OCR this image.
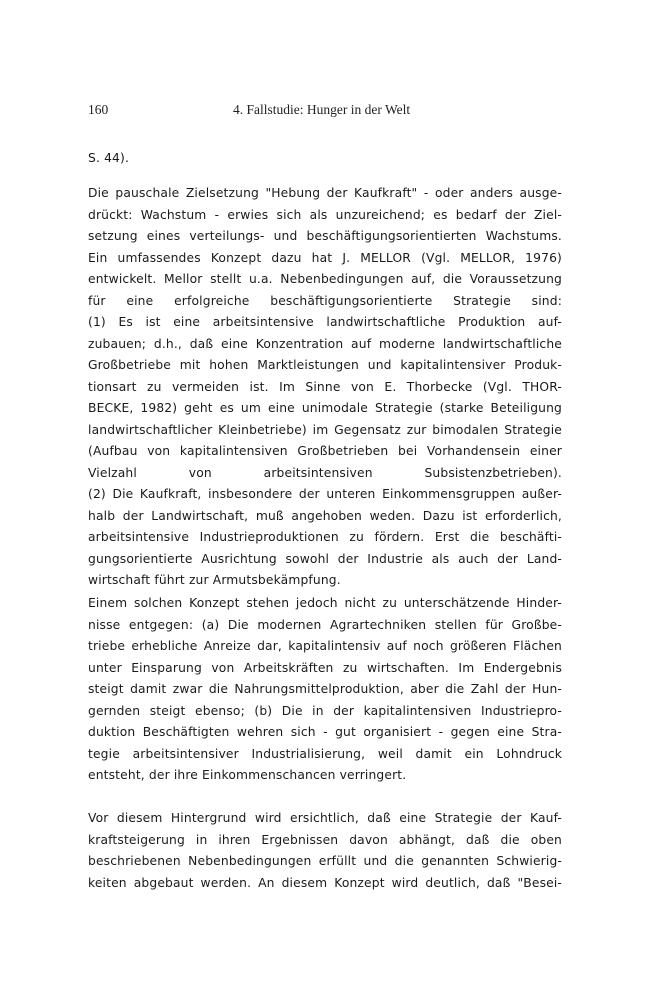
160	4. Fallstudie: Hunger in der Welt
S. 44).
Die pauschale Zielsetzung "Hebung der Kaufkraft" - oder anders ausge-
drückt: Wachstum - erwies sich als unzureichend; es bedarf der Ziel-
setzung eines verteilungs- und beschäftigungsorientierten Wachstums.
Ein umfassendes Konzept dazu hat J. MELLOR (Vgl. MELLOR, 1976)
entwickelt. Mellor stellt u.a. Nebenbedingungen auf, die Voraussetzung
für eine erfolgreiche beschäftigungsorientierte Strategie sind:
(1) Es ist eine arbeitsintensive landwirtschaftliche Produktion auf-
zubauen; d.h., daß eine Konzentration auf moderne landwirtschaftliche
Großbetriebe mit hohen Marktleistungen und kapitalintensiver Produk-
tionsart zu vermeiden ist. Im Sinne von E. Thorbecke (Vgl. THOR-
BECKE, 1982) geht es um eine unimodale Strategie (starke Beteiligung
landwirtschaftlicher Kleinbetriebe) im Gegensatz zur bimodalen Strategie
(Aufbau von kapitalintensiven Großbetrieben bei Vorhandensein einer
Vielzahl von arbeitsintensiven Subsistenzbetrieben).
(2) Die Kaufkraft, insbesondere der unteren Einkommensgruppen außer-
halb der Landwirtschaft, muß angehoben weden. Dazu ist erforderlich,
arbeitsintensive Industrieproduktionen zu fördern. Erst die beschäfti-
gungsorientierte Ausrichtung sowohl der Industrie als auch der Land-
wirtschaft führt zur Armutsbekämpfung.
Einem solchen Konzept stehen jedoch nicht zu unterschätzende Hinder-
nisse entgegen: (a) Die modernen Agrartechniken stellen für Großbe-
triebe erhebliche Anreize dar, kapitalintensiv auf noch größeren Flächen
unter Einsparung von Arbeitskräften zu wirtschaften. Im Endergebnis
steigt damit zwar die Nahrungsmittelproduktion, aber die Zahl der Hun-
gernden steigt ebenso; (b) Die in der kapitalintensiven Industriepro-
duktion Beschäftigten wehren sich - gut organisiert - gegen eine Stra-
tegie arbeitsintensiver Industrialisierung, weil damit ein Lohndruck
entsteht, der ihre Einkommenschancen verringert.
Vor diesem Hintergrund wird ersichtlich, daß eine Strategie der Kauf-
kraftsteigerung in ihren Ergebnissen davon abhängt, daß die oben
beschriebenen Nebenbedingungen erfüllt und die genannten Schwierig-
keiten abgebaut werden. An diesem Konzept wird deutlich, daß "Besei-
